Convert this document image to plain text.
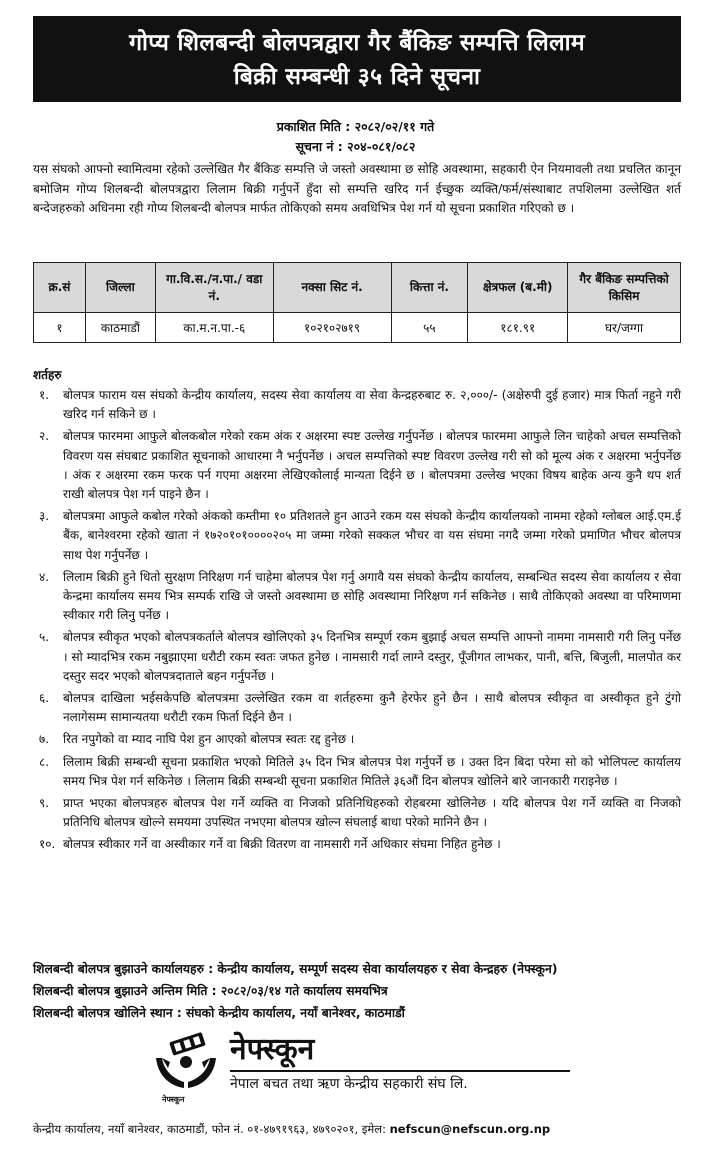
गोप्य शिलबन्दी बोलपत्रद्वारा गैर बैंकिङ सम्पत्ति लिलाम
बिक्री सम्बन्धी ३५ दिने सूचना
प्रकाशित मिति : २०८२/०२/११ गते
सूचना नं : २०४-०८१/०८२

यस संघको आफ्नो स्वामित्वमा रहेको उल्लेखित गैर बैंकिङ सम्पत्ति जे जस्तो अवस्थामा छ सोहि अवस्थामा, सहकारी ऐन नियमावली तथा प्रचलित कानून बमोजिम गोप्य शिलबन्दी बोलपत्रद्वारा लिलाम बिक्री गर्नुपर्ने हुँदा सो सम्पत्ति खरिद गर्न ईच्छुक व्यक्ति/फर्म/संस्थाबाट तपशिलमा उल्लेखित शर्त बन्देजहरुको अधिनमा रही गोप्य शिलबन्दी बोलपत्र मार्फत तोकिएको समय अवधिभित्र पेश गर्न यो सूचना प्रकाशित गरिएको छ ।

क्र.सं	जिल्ला	गा.वि.स./न.पा./ वडा नं.	नक्सा सिट नं.	कित्ता नं.	क्षेत्रफल (ब.मी)	गैर बैंकिङ सम्पत्तिको किसिम
१	काठमाडौं	का.म.न.पा.-६	१०२१०२७१९	५५	१८१.९१	घर/जग्गा
शर्तहरु
१. बोलपत्र फाराम यस संघको केन्द्रीय कार्यालय, सदस्य सेवा कार्यालय वा सेवा केन्द्रहरुबाट रु. २,०००/- (अक्षेरुपी दुई हजार) मात्र फिर्ता नहुने गरी खरिद गर्न सकिने छ ।
२. बोलपत्र फारममा आफुले बोलकबोल गरेको रकम अंक र अक्षरमा स्पष्ट उल्लेख गर्नुपर्नेछ । बोलपत्र फारममा आफुले लिन चाहेको अचल सम्पत्तिको विवरण यस संघबाट प्रकाशित सूचनाको आधारमा नै भर्नुपर्नेछ । अचल सम्पत्तिको स्पष्ट विवरण उल्लेख गरी सो को मूल्य अंक र अक्षरमा भर्नुपर्नेछ । अंक र अक्षरमा रकम फरक पर्न गएमा अक्षरमा लेखिएकोलाई मान्यता दिईने छ । बोलपत्रमा उल्लेख भएका विषय बाहेक अन्य कुनै थप शर्त राखी बोलपत्र पेश गर्न पाइने छैन ।
३. बोलपत्रमा आफुले कबोल गरेको अंकको कम्तीमा १० प्रतिशतले हुन आउने रकम यस संघको केन्द्रीय कार्यालयको नाममा रहेको ग्लोबल आई.एम.ई बैंक, बानेश्वरमा रहेको खाता नं १७२०१०१००००२०५ मा जम्मा गरेको सक्कल भौचर वा यस संघमा नगदै जम्मा गरेको प्रमाणित भौचर बोलपत्र साथ पेश गर्नुपर्नेछ ।
४. लिलाम बिक्री हुने धितो सुरक्षण निरिक्षण गर्न चाहेमा बोलपत्र पेश गर्नु अगावै यस संघको केन्द्रीय कार्यालय, सम्बन्धित सदस्य सेवा कार्यालय र सेवा केन्द्रमा कार्यालय समय भित्र सम्पर्क राखि जे जस्तो अवस्थामा छ सोहि अवस्थामा निरिक्षण गर्न सकिनेछ । साथै तोकिएको अवस्था वा परिमाणमा स्वीकार गरी लिनु पर्नेछ ।
५. बोलपत्र स्वीकृत भएको बोलपत्रकर्ताले बोलपत्र खोलिएको ३५ दिनभित्र सम्पूर्ण रकम बुझाई अचल सम्पत्ति आफ्नो नाममा नामसारी गरी लिनु पर्नेछ । सो म्यादभित्र रकम नबुझाएमा धरौटी रकम स्वतः जफत हुनेछ । नामसारी गर्दा लाग्ने दस्तुर, पूँजीगत लाभकर, पानी, बत्ति, बिजुली, मालपोत कर दस्तुर सदर भएको बोलपत्रदाताले बहन गर्नुपर्नेछ ।
६. बोलपत्र दाखिला भईसकेपछि बोलपत्रमा उल्लेखित रकम वा शर्तहरुमा कुनै हेरफेर हुने छैन । साथै बोलपत्र स्वीकृत वा अस्वीकृत हुने टुंगो नलागेसम्म सामान्यतया धरौटी रकम फिर्ता दिईने छैन ।
७. रित नपुगेको वा म्याद नाघि पेश हुन आएको बोलपत्र स्वतः रद्द हुनेछ ।
८. लिलाम बिक्री सम्बन्धी सूचना प्रकाशित भएको मितिले ३५ दिन भित्र बोलपत्र पेश गर्नुपर्ने छ । उक्त दिन बिदा परेमा सो को भोलिपल्ट कार्यालय समय भित्र पेश गर्न सकिनेछ । लिलाम बिक्री सम्बन्धी सूचना प्रकाशित मितिले ३६औं दिन बोलपत्र खोलिने बारे जानकारी गराइनेछ ।
९. प्राप्त भएका बोलपत्रहरु बोलपत्र पेश गर्ने व्यक्ति वा निजको प्रतिनिधिहरुको रोहबरमा खोलिनेछ । यदि बोलपत्र पेश गर्ने व्यक्ति वा निजको प्रतिनिधि बोलपत्र खोल्ने समयमा उपस्थित नभएमा बोलपत्र खोल्न संघलाई बाधा परेको मानिने छैन ।
१०. बोलपत्र स्वीकार गर्ने वा अस्वीकार गर्ने वा बिक्री वितरण वा नामसारी गर्ने अधिकार संघमा निहित हुनेछ ।
शिलबन्दी बोलपत्र बुझाउने कार्यालयहरु : केन्द्रीय कार्यालय, सम्पूर्ण सदस्य सेवा कार्यालयहरु र सेवा केन्द्रहरु (नेफ्स्कून)
शिलबन्दी बोलपत्र बुझाउने अन्तिम मिति : २०८२/०३/१४ गते कार्यालय समयभित्र
शिलबन्दी बोलपत्र खोलिने स्थान : संघको केन्द्रीय कार्यालय, नयाँ बानेश्वर, काठमाडौं
नेफ्स्कून
नेफ्स्कून
नेपाल बचत तथा ऋण केन्द्रीय सहकारी संघ लि.
केन्द्रीय कार्यालय, नयाँ बानेश्वर, काठमाडौं, फोन नं. ०१-४७९१९६३, ४७९०२०१, इमेल: nefscun@nefscun.org.np
